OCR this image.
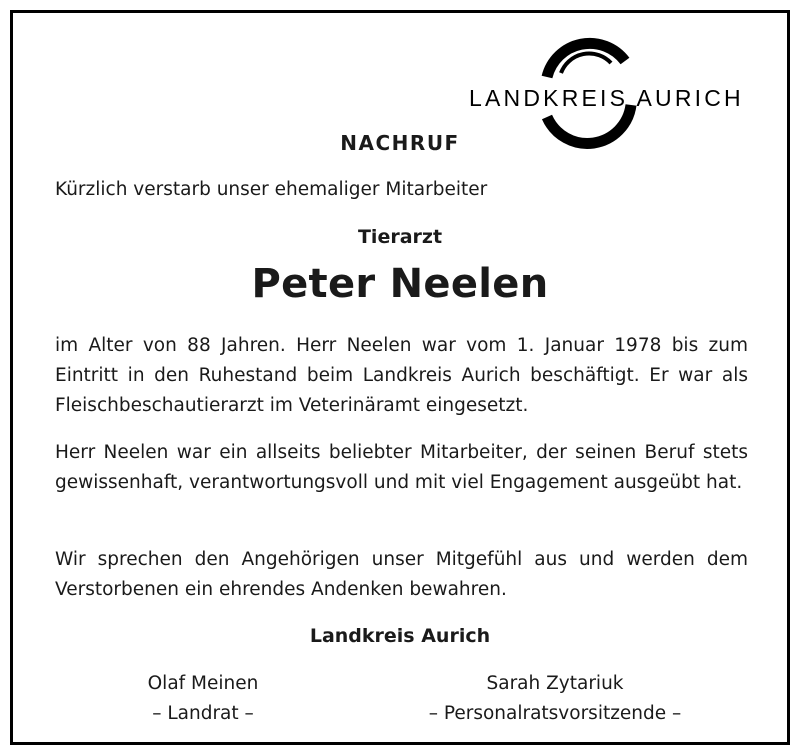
LANDKREIS AURICH
NACHRUF
Kürzlich verstarb unser ehemaliger Mitarbeiter
Tierarzt
Peter Neelen
im Alter von 88 Jahren. Herr Neelen war vom 1. Januar 1978 bis zum Eintritt in den Ruhestand beim Landkreis Aurich beschäftigt. Er war als Fleischbeschautierarzt im Veterinäramt eingesetzt.
Herr Neelen war ein allseits beliebter Mitarbeiter, der seinen Beruf stets gewissenhaft, verantwortungsvoll und mit viel Engagement ausgeübt hat.
Wir sprechen den Angehörigen unser Mitgefühl aus und werden dem Verstorbenen ein ehrendes Andenken bewahren.
Landkreis Aurich
Olaf Meinen
– Landrat –
Sarah Zytariuk
– Personalratsvorsitzende –
